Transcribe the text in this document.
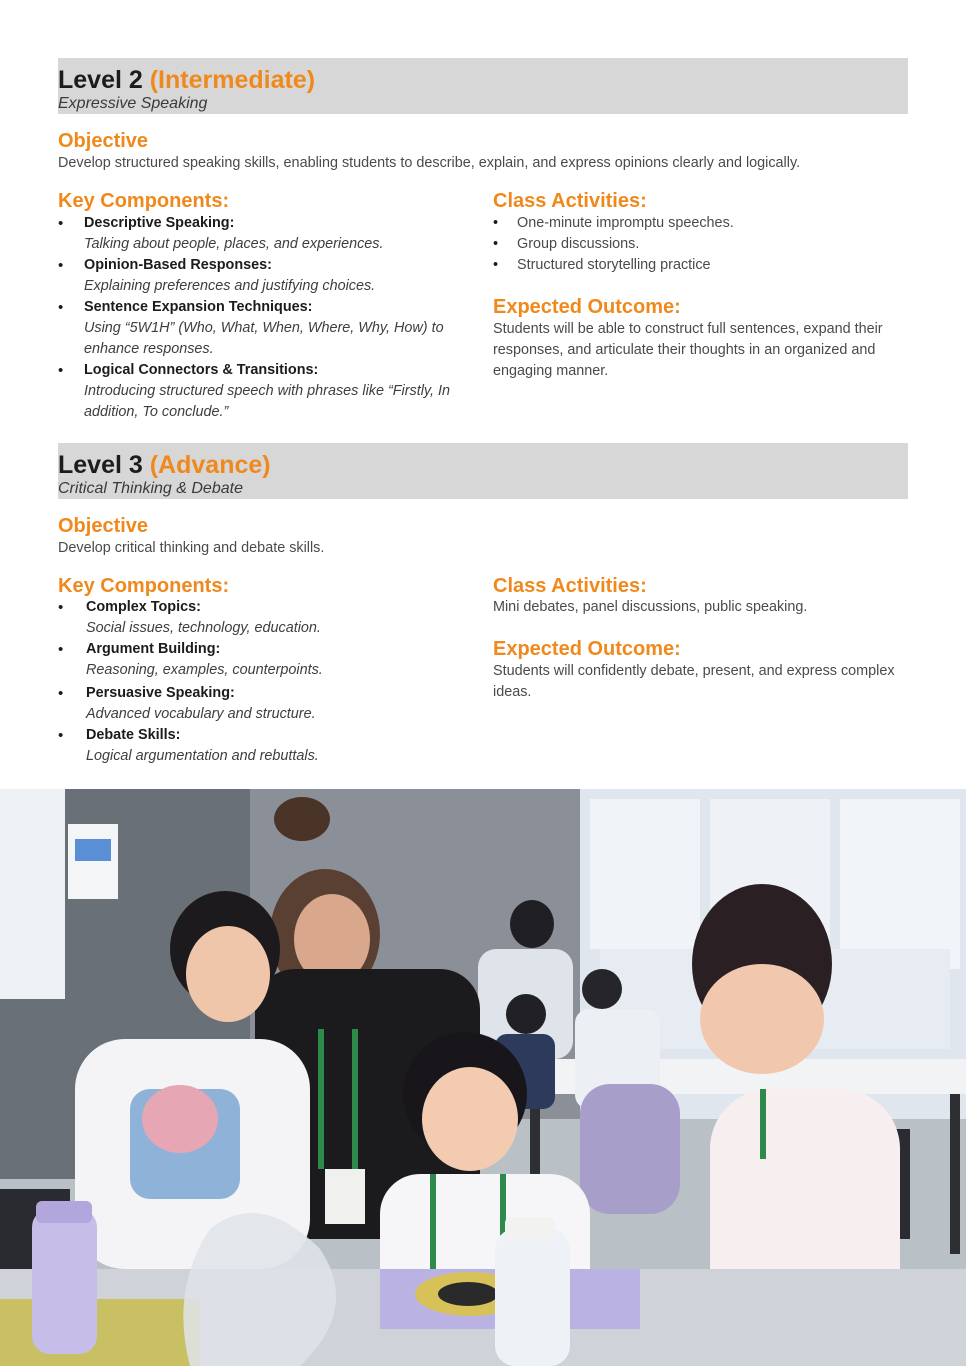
Level 2 (Intermediate)
Expressive Speaking
Objective
Develop structured speaking skills, enabling students to describe, explain, and express opinions clearly and logically.
Key Components:
• Descriptive Speaking:
Talking about people, places, and experiences.
• Opinion-Based Responses:
Explaining preferences and justifying choices.
• Sentence Expansion Techniques:
Using “5W1H” (Who, What, When, Where, Why, How) to enhance responses.
• Logical Connectors & Transitions:
Introducing structured speech with phrases like “Firstly, In addition, To conclude.”
Class Activities:
• One-minute impromptu speeches.
• Group discussions.
• Structured storytelling practice
Expected Outcome:
Students will be able to construct full sentences, expand their responses, and articulate their thoughts in an organized and engaging manner.
Level 3 (Advance)
Critical Thinking & Debate
Objective
Develop critical thinking and debate skills.
Key Components:
• Complex Topics:
Social issues, technology, education.
• Argument Building:
Reasoning, examples, counterpoints.
• Persuasive Speaking:
Advanced vocabulary and structure.
• Debate Skills:
Logical argumentation and rebuttals.
Class Activities:
Mini debates, panel discussions, public speaking.
Expected Outcome:
Students will confidently debate, present, and express complex ideas.
